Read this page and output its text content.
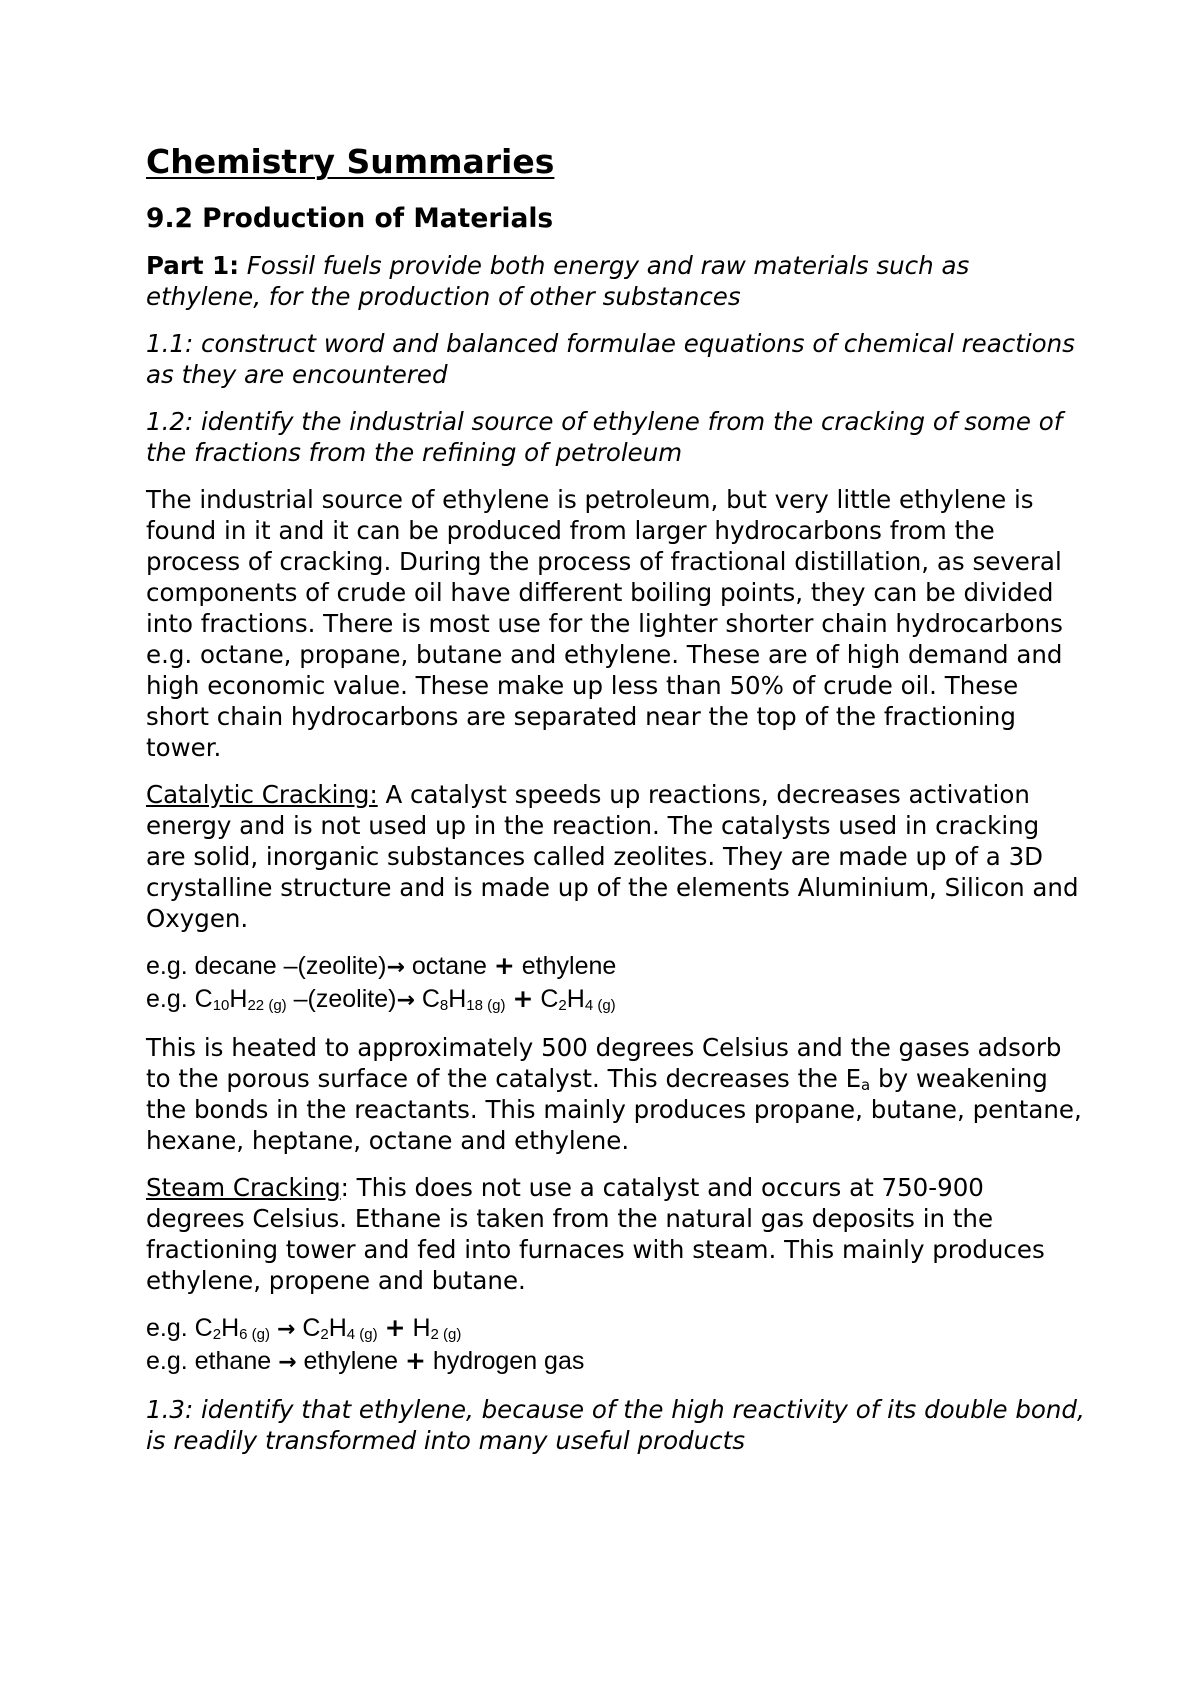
Chemistry Summaries
9.2 Production of Materials

Part 1: Fossil fuels provide both energy and raw materials such as ethylene, for the production of other substances

1.1: construct word and balanced formulae equations of chemical reactions as they are encountered

1.2: identify the industrial source of ethylene from the cracking of some of the fractions from the refining of petroleum

The industrial source of ethylene is petroleum, but very little ethylene is found in it and it can be produced from larger hydrocarbons from the process of cracking. During the process of fractional distillation, as several components of crude oil have different boiling points, they can be divided into fractions. There is most use for the lighter shorter chain hydrocarbons e.g. octane, propane, butane and ethylene. These are of high demand and high economic value. These make up less than 50% of crude oil. These short chain hydrocarbons are separated near the top of the fractioning tower.

Catalytic Cracking: A catalyst speeds up reactions, decreases activation energy and is not used up in the reaction. The catalysts used in cracking are solid, inorganic substances called zeolites. They are made up of a 3D crystalline structure and is made up of the elements Aluminium, Silicon and Oxygen.

e.g. decane –(zeolite)→ octane + ethylene
e.g. $C_{10}H_{22 (g)}$ –(zeolite)→ $C_8H_{18 (g)} + C_2H_{4 (g)}$

This is heated to approximately 500 degrees Celsius and the gases adsorb to the porous surface of the catalyst. This decreases the $E_a$ by weakening the bonds in the reactants. This mainly produces propane, butane, pentane, hexane, heptane, octane and ethylene.

Steam Cracking: This does not use a catalyst and occurs at 750-900 degrees Celsius. Ethane is taken from the natural gas deposits in the fractioning tower and fed into furnaces with steam. This mainly produces ethylene, propene and butane.

e.g. $C_2H_{6 (g)} \to C_2H_{4 (g)} + H_{2 (g)}$
e.g. ethane → ethylene + hydrogen gas

1.3: identify that ethylene, because of the high reactivity of its double bond, is readily transformed into many useful products
